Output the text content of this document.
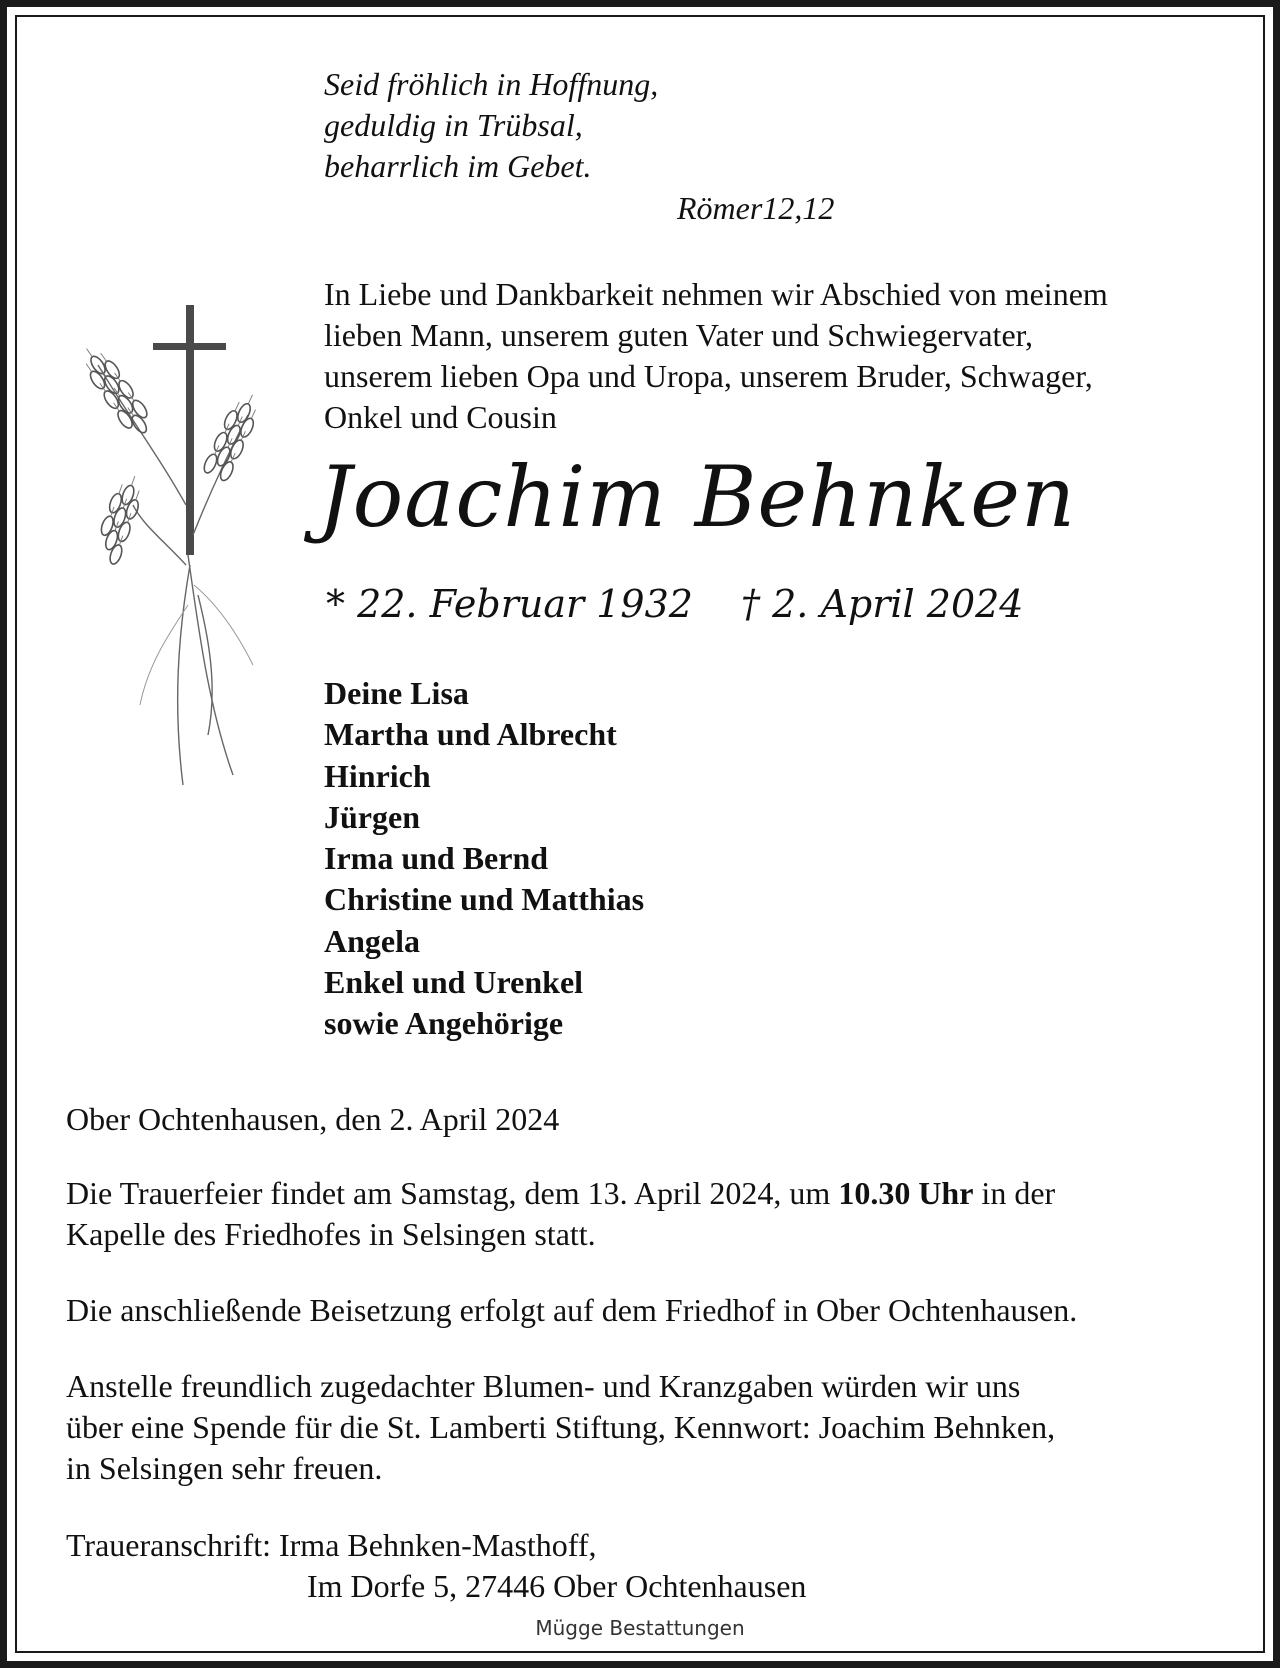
Seid fröhlich in Hoffnung,
geduldig in Trübsal,
beharrlich im Gebet.
Römer12,12
In Liebe und Dankbarkeit nehmen wir Abschied von meinem
lieben Mann, unserem guten Vater und Schwiegervater,
unserem lieben Opa und Uropa, unserem Bruder, Schwager,
Onkel und Cousin
Joachim Behnken
* 22. Februar 1932 † 2. April 2024
Deine Lisa
Martha und Albrecht
Hinrich
Jürgen
Irma und Bernd
Christine und Matthias
Angela
Enkel und Urenkel
sowie Angehörige
Ober Ochtenhausen, den 2. April 2024
Die Trauerfeier findet am Samstag, dem 13. April 2024, um 10.30 Uhr in der
Kapelle des Friedhofes in Selsingen statt.
Die anschließende Beisetzung erfolgt auf dem Friedhof in Ober Ochtenhausen.
Anstelle freundlich zugedachter Blumen- und Kranzgaben würden wir uns
über eine Spende für die St. Lamberti Stiftung, Kennwort: Joachim Behnken,
in Selsingen sehr freuen.
Traueranschrift: Irma Behnken-Masthoff,
Im Dorfe 5, 27446 Ober Ochtenhausen
Mügge Bestattungen
